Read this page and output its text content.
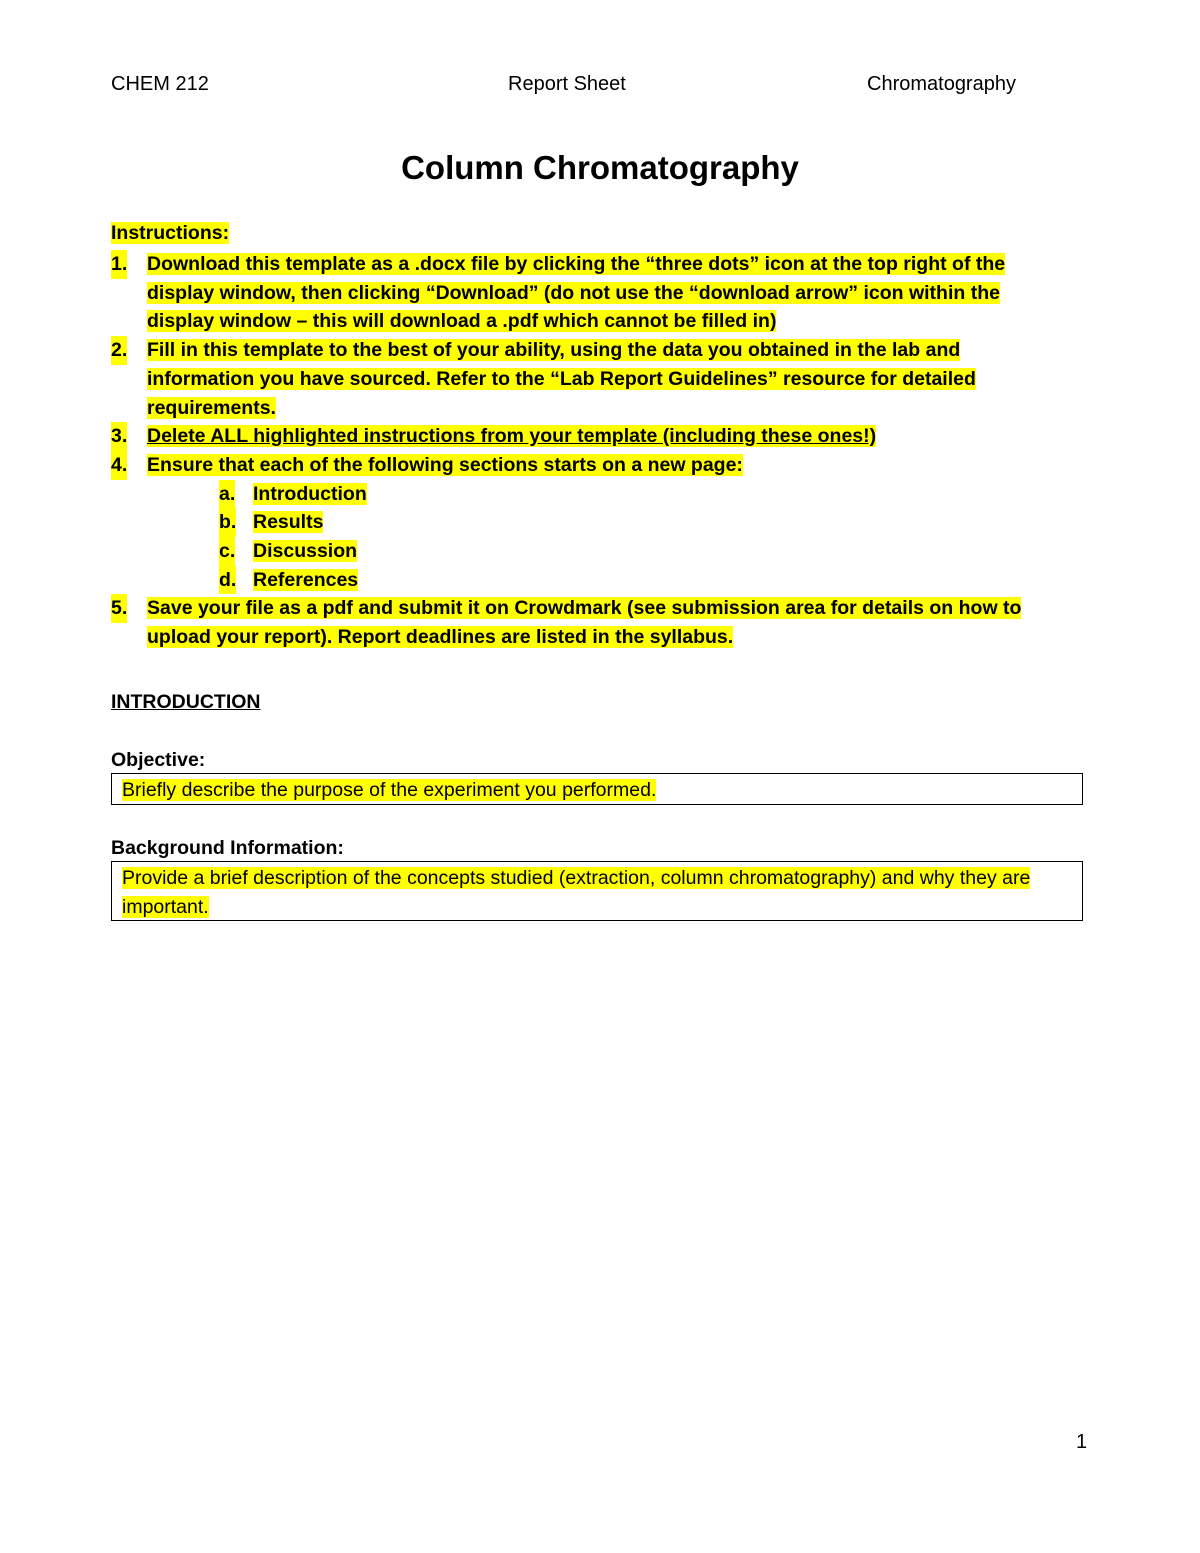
CHEM 212	Report Sheet	Chromatography
Column Chromatography
Instructions:
1. Download this template as a .docx file by clicking the “three dots” icon at the top right of the display window, then clicking “Download” (do not use the “download arrow” icon within the display window – this will download a .pdf which cannot be filled in)
2. Fill in this template to the best of your ability, using the data you obtained in the lab and information you have sourced. Refer to the “Lab Report Guidelines” resource for detailed requirements.
3. Delete ALL highlighted instructions from your template (including these ones!)
4. Ensure that each of the following sections starts on a new page:
a. Introduction
b. Results
c. Discussion
d. References
5. Save your file as a pdf and submit it on Crowdmark (see submission area for details on how to upload your report). Report deadlines are listed in the syllabus.
INTRODUCTION
Objective:
Briefly describe the purpose of the experiment you performed.
Background Information:
Provide a brief description of the concepts studied (extraction, column chromatography) and why they are important.
1
